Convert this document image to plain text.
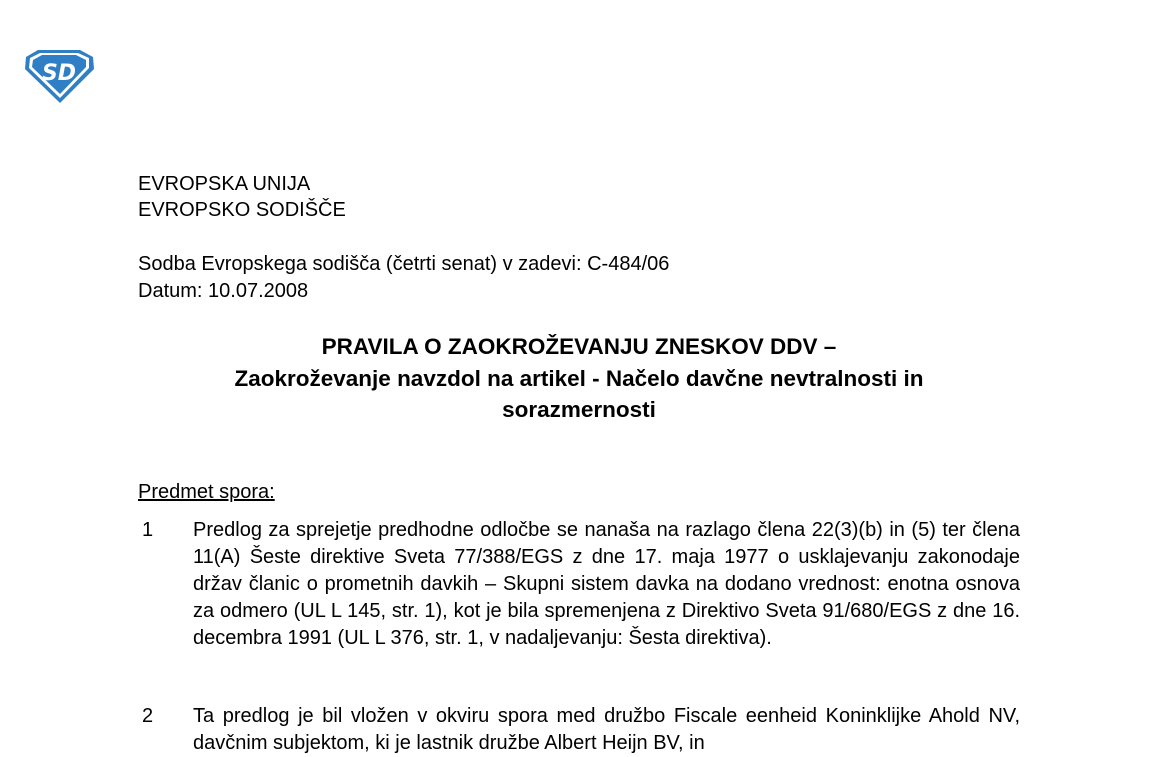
SD
EVROPSKA UNIJA
EVROPSKO SODIŠČE
Sodba Evropskega sodišča (četrti senat) v zadevi: C-484/06
Datum: 10.07.2008
PRAVILA O ZAOKROŽEVANJU ZNESKOV DDV –
Zaokroževanje navzdol na artikel - Načelo davčne nevtralnosti in
sorazmernosti
Predmet spora:
1 Predlog za sprejetje predhodne odločbe se nanaša na razlago člena 22(3)(b) in (5) ter člena 11(A) Šeste direktive Sveta 77/388/EGS z dne 17. maja 1977 o usklajevanju zakonodaje držav članic o prometnih davkih – Skupni sistem davka na dodano vrednost: enotna osnova za odmero (UL L 145, str. 1), kot je bila spremenjena z Direktivo Sveta 91/680/EGS z dne 16. decembra 1991 (UL L 376, str. 1, v nadaljevanju: Šesta direktiva).
2 Ta predlog je bil vložen v okviru spora med družbo Fiscale eenheid Koninklijke Ahold NV, davčnim subjektom, ki je lastnik družbe Albert Heijn BV, in
